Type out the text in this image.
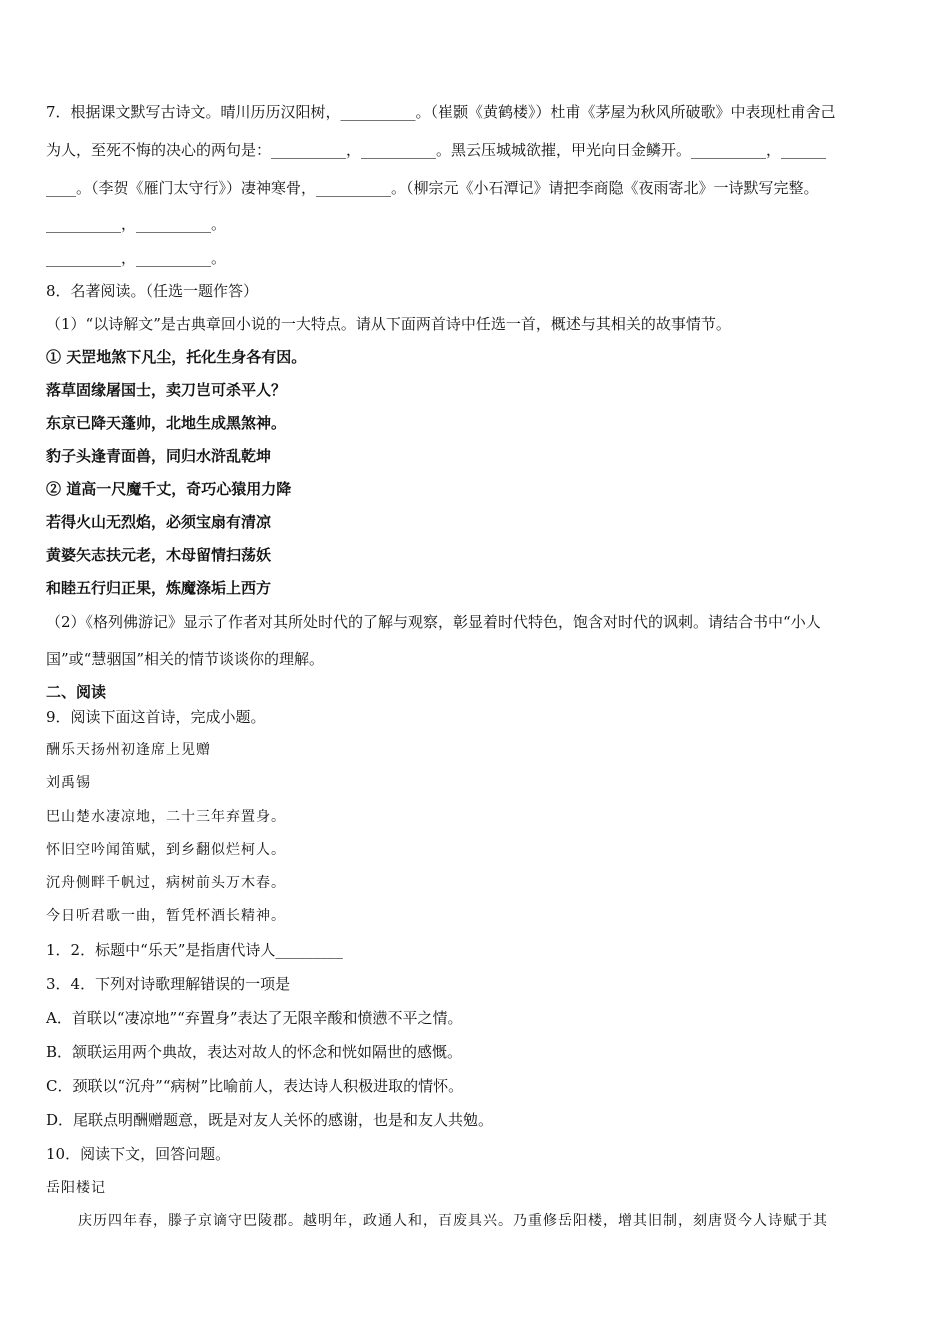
7．根据课文默写古诗文。晴川历历汉阳树，__________。（崔颢《黄鹤楼》）杜甫《茅屋为秋风所破歌》中表现杜甫舍己
为人，至死不悔的决心的两句是：__________，__________。黑云压城城欲摧，甲光向日金鳞开。__________，______
____。（李贺《雁门太守行》）凄神寒骨，__________。（柳宗元《小石潭记》请把李商隐《夜雨寄北》一诗默写完整。
__________，__________。
__________，__________。
8．名著阅读。（任选一题作答）
（1）“以诗解文”是古典章回小说的一大特点。请从下面两首诗中任选一首，概述与其相关的故事情节。
① 天罡地煞下凡尘，托化生身各有因。
落草固缘屠国士，卖刀岂可杀平人？
东京已降天蓬帅，北地生成黑煞神。
豹子头逢青面兽，同归水浒乱乾坤
② 道高一尺魔千丈，奇巧心猿用力降
若得火山无烈焰，必须宝扇有清凉
黄婆矢志扶元老，木母留情扫荡妖
和睦五行归正果，炼魔涤垢上西方
（2）《格列佛游记》显示了作者对其所处时代的了解与观察，彰显着时代特色，饱含对时代的讽刺。请结合书中“小人
国”或“慧骃国”相关的情节谈谈你的理解。
二、阅读
9．阅读下面这首诗，完成小题。
酬乐天扬州初逢席上见赠
刘禹锡
巴山楚水凄凉地，二十三年弃置身。
怀旧空吟闻笛赋，到乡翻似烂柯人。
沉舟侧畔千帆过，病树前头万木春。
今日听君歌一曲，暂凭杯酒长精神。
1．2．标题中“乐天”是指唐代诗人_________
3．4．下列对诗歌理解错误的一项是
A．首联以“凄凉地”“弃置身”表达了无限辛酸和愤懑不平之情。
B．颔联运用两个典故，表达对故人的怀念和恍如隔世的感慨。
C．颈联以“沉舟”“病树”比喻前人，表达诗人积极进取的情怀。
D．尾联点明酬赠题意，既是对友人关怀的感谢，也是和友人共勉。
10．阅读下文，回答问题。
岳阳楼记
庆历四年春，滕子京谪守巴陵郡。越明年，政通人和，百废具兴。乃重修岳阳楼，增其旧制，刻唐贤今人诗赋于其
